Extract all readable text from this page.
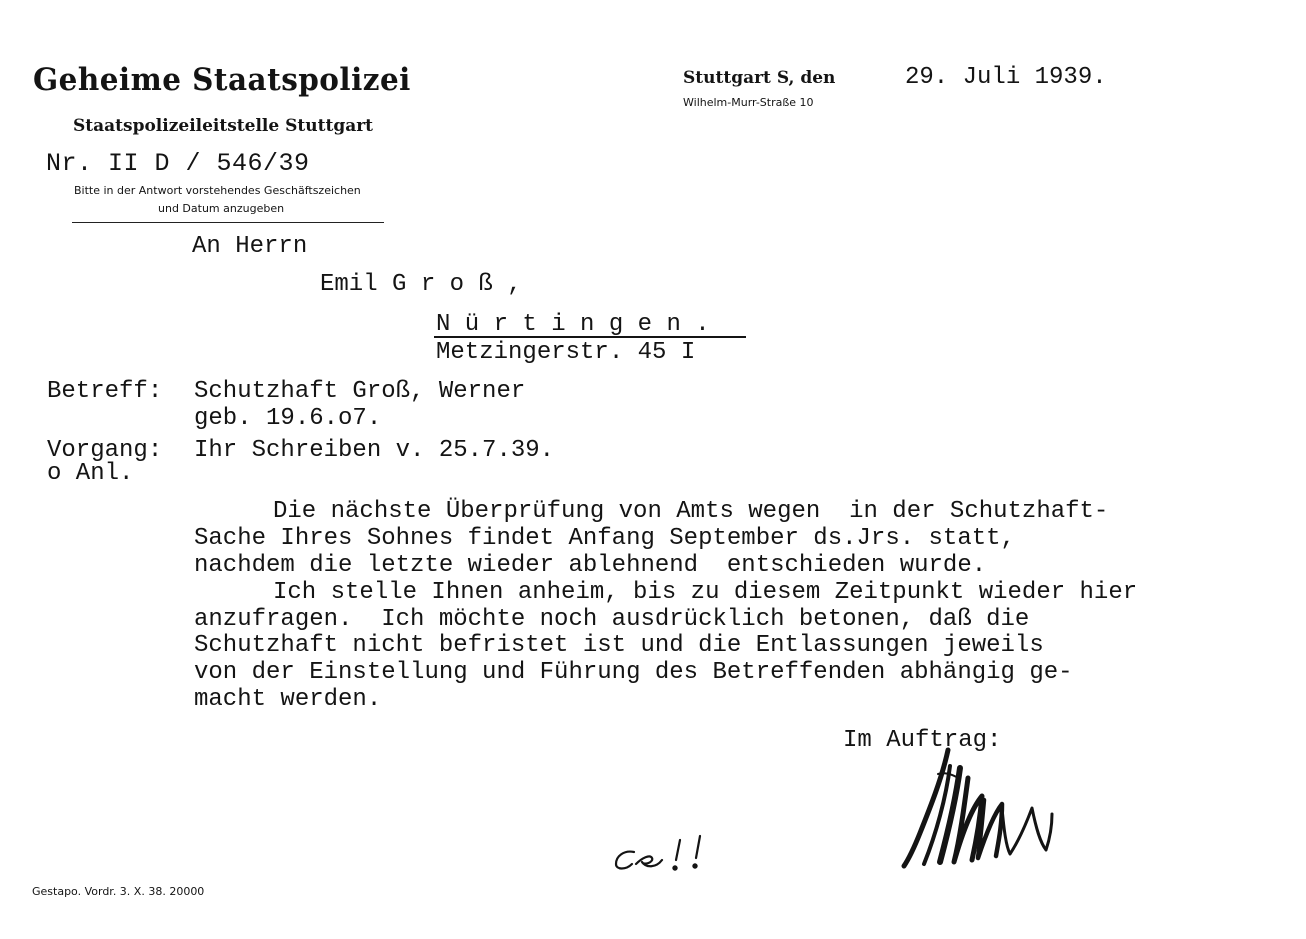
Geheime Staatspolizei
Staatspolizeileitstelle Stuttgart
Nr. II D / 546/39
Bitte in der Antwort vorstehendes Geschäftszeichen
und Datum anzugeben
Stuttgart S, den
Wilhelm-Murr-Straße 10
29. Juli 1939.
An Herrn
Emil G r o ß ,
N ü r t i n g e n .
Metzingerstr. 45 I
Betreff: Schutzhaft Groß, Werner
geb. 19.6.o7.
Vorgang: Ihr Schreiben v. 25.7.39.
o Anl.
Die nächste Überprüfung von Amts wegen  in der Schutzhaft-
Sache Ihres Sohnes findet Anfang September ds.Jrs. statt,
nachdem die letzte wieder ablehnend  entschieden wurde.
Ich stelle Ihnen anheim, bis zu diesem Zeitpunkt wieder hier
anzufragen.  Ich möchte noch ausdrücklich betonen, daß die
Schutzhaft nicht befristet ist und die Entlassungen jeweils
von der Einstellung und Führung des Betreffenden abhängig ge-
macht werden.
Im Auftrag:
Gestapo. Vordr. 3. X. 38. 20000
